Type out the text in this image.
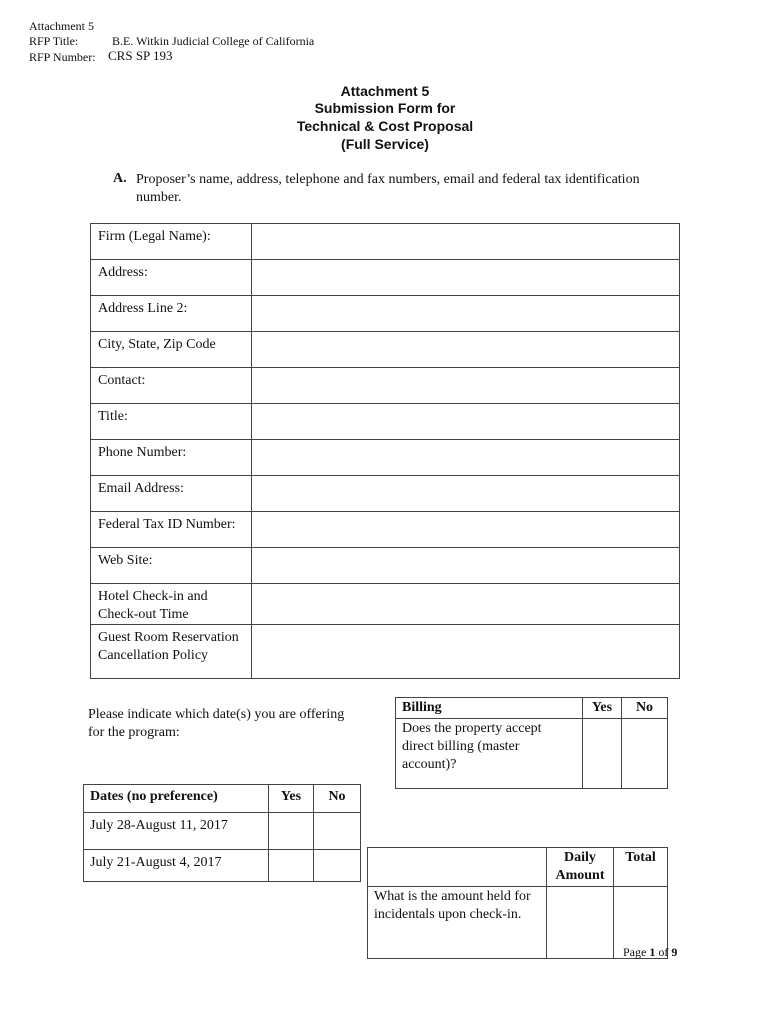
Attachment 5
RFP Title:	B.E. Witkin Judicial College of California
RFP Number: CRS SP 193
Attachment 5
Submission Form for
Technical & Cost Proposal
(Full Service)
A. Proposer’s name, address, telephone and fax numbers, email and federal tax identification number.
Firm (Legal Name):	
Address:	
Address Line 2:	
City, State, Zip Code	
Contact:	
Title:	
Phone Number:	
Email Address:	
Federal Tax ID Number:	
Web Site:	
Hotel Check-in and Check-out Time	
Guest Room Reservation Cancellation Policy	
Please indicate which date(s) you are offering for the program:
Dates (no preference)	Yes	No
July 28-August 11, 2017		
July 21-August 4, 2017		
Billing	Yes	No
Does the property accept direct billing (master account)?		
	Daily Amount	Total
What is the amount held for incidentals upon check-in.		
Page 1 of 9
